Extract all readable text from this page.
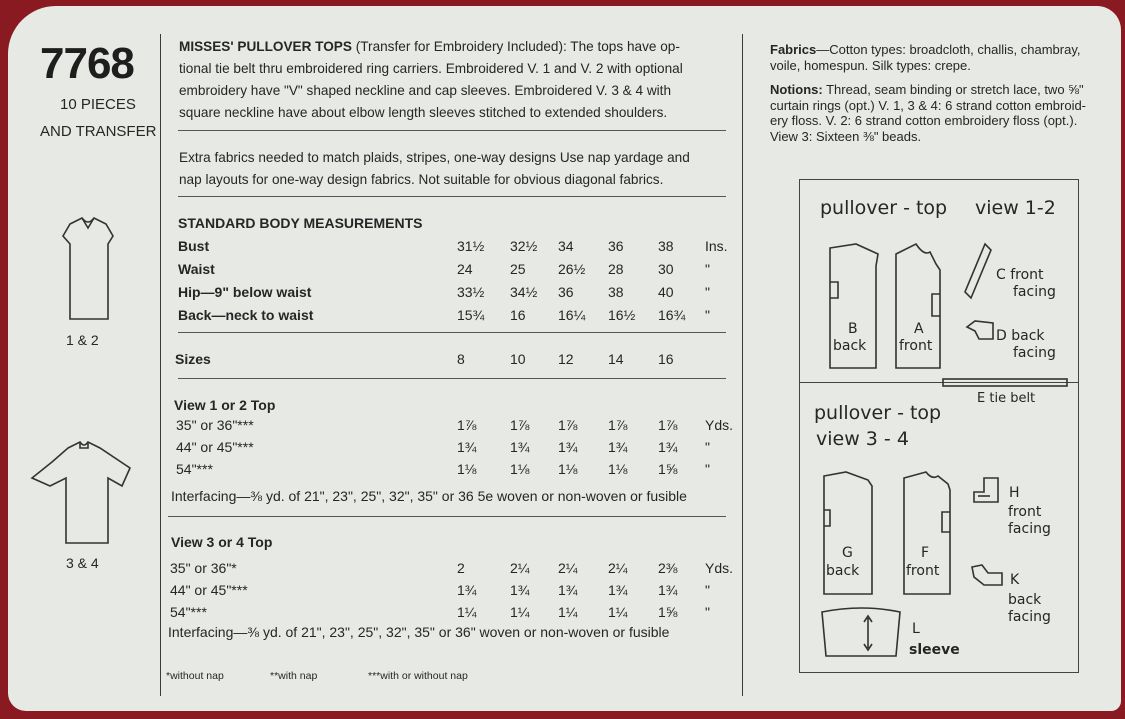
7768
10 PIECES
AND TRANSFER
1 & 2
3 & 4
MISSES' PULLOVER TOPS (Transfer for Embroidery Included): The tops have op-
tional tie belt thru embroidered ring carriers. Embroidered V. 1 and V. 2 with optional
embroidery have "V" shaped neckline and cap sleeves. Embroidered V. 3 & 4 with
square neckline have about elbow length sleeves stitched to extended shoulders.
Extra fabrics needed to match plaids, stripes, one-way designs Use nap yardage and
nap layouts for one-way design fabrics. Not suitable for obvious diagonal fabrics.
STANDARD BODY MEASUREMENTS
Bust	31½ 32½ 34 36 38 Ins.
Waist	24	25 26½ 28 30 "
Hip—9" below waist	33½ 34½ 36 38 40 "
Back—neck to waist	15¾ 16 16¼ 16½ 16¾ "
Sizes	8	10 12 14 16
View 1 or 2 Top
35" or 36"***	1⅞ 1⅞ 1⅞ 1⅞ 1⅞ Yds.
44" or 45"***	1¾ 1¾ 1¾ 1¾ 1¾ "
54"***	1⅛ 1⅛ 1⅛ 1⅛ 1⅝ "
Interfacing—⅜ yd. of 21", 23", 25", 32", 35" or 36 5e woven or non-woven or fusible
View 3 or 4 Top
35" or 36"*	2	2¼ 2¼ 2¼ 2⅜ Yds.
44" or 45"***	1¾ 1¾ 1¾ 1¾ 1¾ "
54"***	1¼ 1¼ 1¼ 1¼ 1⅝ "
Interfacing—⅜ yd. of 21", 23", 25", 32", 35" or 36" woven or non-woven or fusible
*without nap	**with nap	***with or without nap
Fabrics—Cotton types: broadcloth, challis, chambray,
voile, homespun. Silk types: crepe.
Notions: Thread, seam binding or stretch lace, two ⅝"
curtain rings (opt.) V. 1, 3 & 4: 6 strand cotton embroid-
ery floss. V. 2: 6 strand cotton embroidery floss (opt.).
View 3: Sixteen ⅜" beads.
pullover - top view 1-2
B
back
A
front
C front
facing
D back
facing
E tie belt
pullover - top
view 3 - 4
G
back
F
front
H
front
facing
K
back
facing
L
sleeve
